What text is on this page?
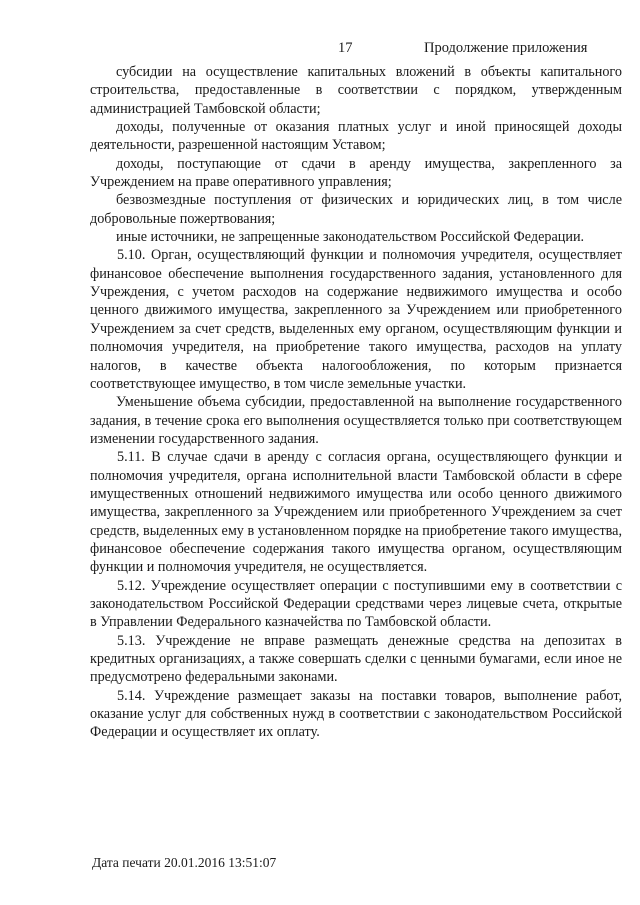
17	Продолжение приложения

субсидии на осуществление капитальных вложений в объекты капитального строительства, предоставленные в соответствии с порядком, утвержденным администрацией Тамбовской области;

доходы, полученные от оказания платных услуг и иной приносящей доходы деятельности, разрешенной настоящим Уставом;

доходы, поступающие от сдачи в аренду имущества, закрепленного за Учреждением на праве оперативного управления;

безвозмездные поступления от физических и юридических лиц, в том числе добровольные пожертвования;

иные источники, не запрещенные законодательством Российской Федерации.

5.10. Орган, осуществляющий функции и полномочия учредителя, осуществляет финансовое обеспечение выполнения государственного задания, установленного для Учреждения, с учетом расходов на содержание недвижимого имущества и особо ценного движимого имущества, закрепленного за Учреждением или приобретенного Учреждением за счет средств, выделенных ему органом, осуществляющим функции и полномочия учредителя, на приобретение такого имущества, расходов на уплату налогов, в качестве объекта налогообложения, по которым признается соответствующее имущество, в том числе земельные участки.

Уменьшение объема субсидии, предоставленной на выполнение государственного задания, в течение срока его выполнения осуществляется только при соответствующем изменении государственного задания.

5.11. В случае сдачи в аренду с согласия органа, осуществляющего функции и полномочия учредителя, органа исполнительной власти Тамбовской области в сфере имущественных отношений недвижимого имущества или особо ценного движимого имущества, закрепленного за Учреждением или приобретенного Учреждением за счет средств, выделенных ему в установленном порядке на приобретение такого имущества, финансовое обеспечение содержания такого имущества органом, осуществляющим функции и полномочия учредителя, не осуществляется.

5.12. Учреждение осуществляет операции с поступившими ему в соответствии с законодательством Российской Федерации средствами через лицевые счета, открытые в Управлении Федерального казначейства по Тамбовской области.

5.13. Учреждение не вправе размещать денежные средства на депозитах в кредитных организациях, а также совершать сделки с ценными бумагами, если иное не предусмотрено федеральными законами.

5.14. Учреждение размещает заказы на поставки товаров, выполнение работ, оказание услуг для собственных нужд в соответствии с законодательством Российской Федерации и осуществляет их оплату.

Дата печати 20.01.2016 13:51:07
